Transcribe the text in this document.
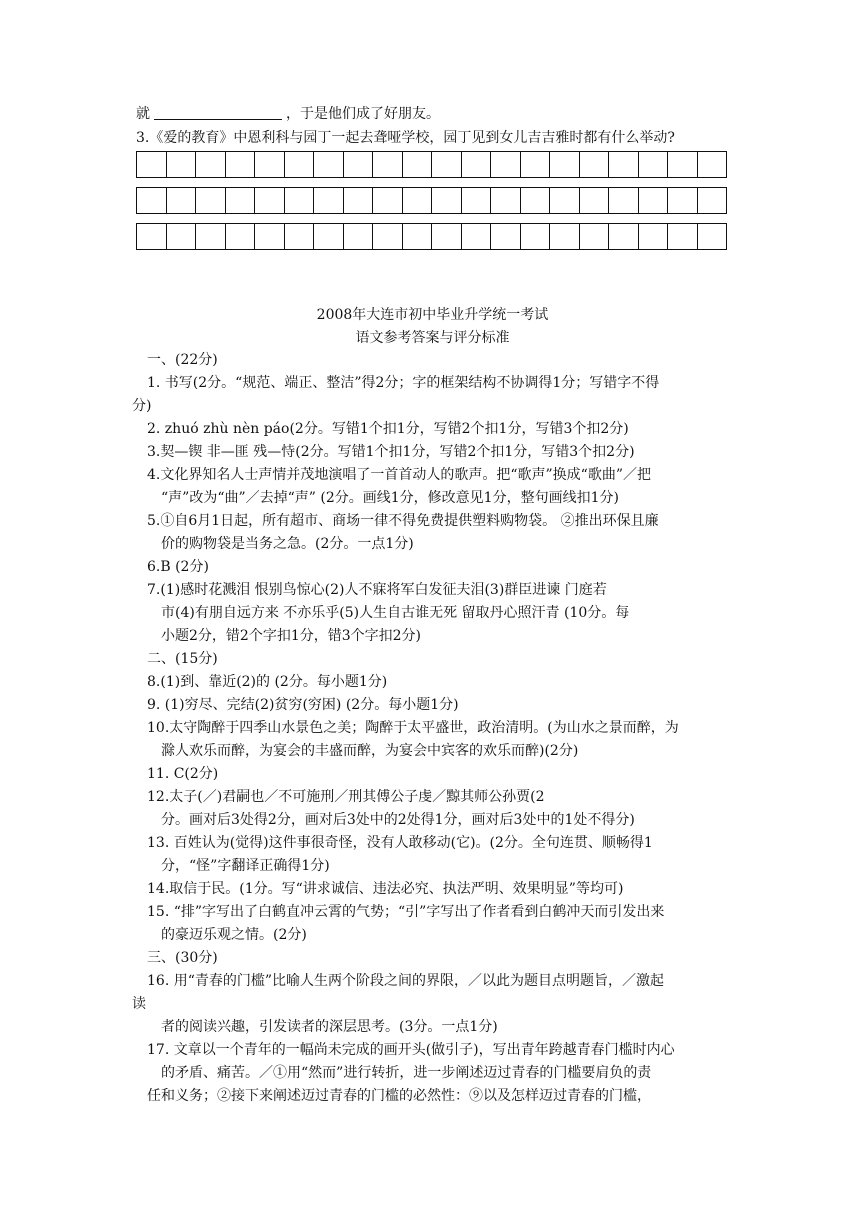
就	，于是他们成了好朋友。
3.《爱的教育》中恩利科与园丁一起去聋哑学校，园丁见到女儿吉吉雅时都有什么举动?
2008年大连市初中毕业升学统一考试
语文参考答案与评分标准
一、(22分)
1. 书写(2分。“规范、端正、整洁”得2分；字的框架结构不协调得1分；写错字不得
分)
2. zhuó zhù nèn páo(2分。写错1个扣1分，写错2个扣1分，写错3个扣2分)
3.契—锲 非—匪 残—恃(2分。写错1个扣1分，写错2个扣1分，写错3个扣2分)
4.文化界知名人士声情并茂地演唱了一首首动人的歌声。把“歌声”换成“歌曲”／把
“声”改为“曲”／去掉“声” (2分。画线1分，修改意见1分，整句画线扣1分)
5.①自6月1日起，所有超市、商场一律不得免费提供塑料购物袋。 ②推出环保且廉
价的购物袋是当务之急。(2分。一点1分)
6.B (2分)
7.(1)感时花溅泪 恨别鸟惊心(2)人不寐将军白发征夫泪(3)群臣进谏 门庭若
市(4)有朋自远方来 不亦乐乎(5)人生自古谁无死 留取丹心照汗青 (10分。每
小题2分，错2个字扣1分，错3个字扣2分)
二、(15分)
8.(1)到、靠近(2)的 (2分。每小题1分)
9. (1)穷尽、完结(2)贫穷(穷困) (2分。每小题1分)
10.太守陶醉于四季山水景色之美；陶醉于太平盛世，政治清明。(为山水之景而醉，为
滁人欢乐而醉，为宴会的丰盛而醉，为宴会中宾客的欢乐而醉)(2分)
11. C(2分)
12.太子(／)君嗣也／不可施刑／刑其傅公子虔／黥其师公孙贾(2
分。画对后3处得2分，画对后3处中的2处得1分，画对后3处中的1处不得分)
13. 百姓认为(觉得)这件事很奇怪，没有人敢移动(它)。(2分。全句连贯、顺畅得1
分，“怪”字翻译正确得1分)
14.取信于民。(1分。写“讲求诚信、违法必究、执法严明、效果明显”等均可)
15. “排”字写出了白鹤直冲云霄的气势；“引”字写出了作者看到白鹤冲天而引发出来
的豪迈乐观之情。(2分)
三、(30分)
16. 用“青春的门槛”比喻人生两个阶段之间的界限，／以此为题目点明题旨，／激起
读
者的阅读兴趣，引发读者的深层思考。(3分。一点1分)
17. 文章以一个青年的一幅尚未完成的画开头(做引子)，写出青年跨越青春门槛时内心
的矛盾、痛苦。／①用“然而”进行转折，进一步阐述迈过青春的门槛要肩负的责
任和义务；②接下来阐述迈过青春的门槛的必然性：⑨以及怎样迈过青春的门槛，
